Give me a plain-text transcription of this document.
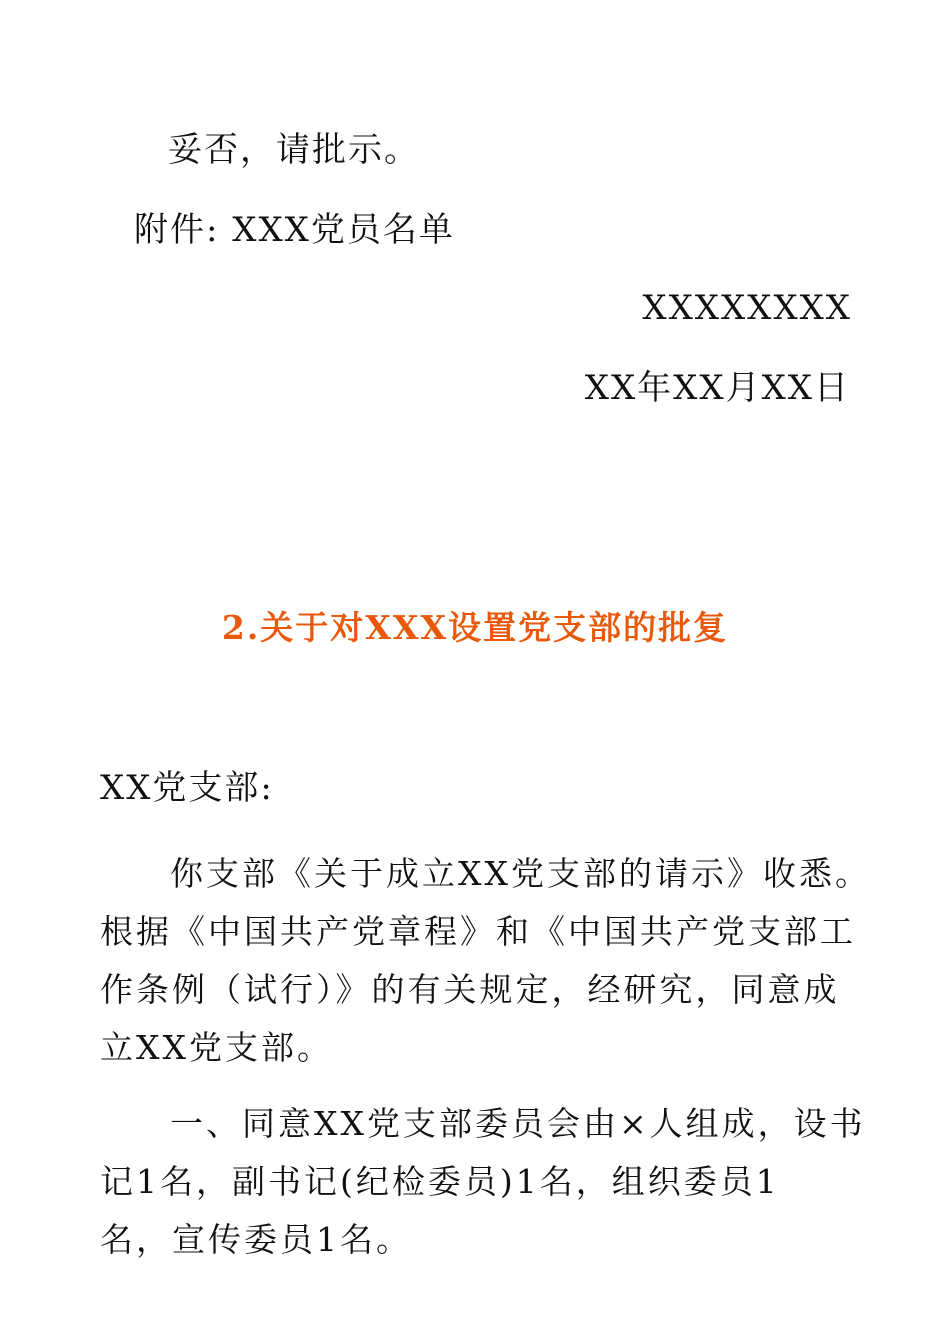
妥否，请批示。
附件: XXX党员名单
XXXXXXXX
XX年XX月XX日
2.关于对XXX设置党支部的批复
XX党支部:
你支部《关于成立XX党支部的请示》收悉。
根据《中国共产党章程》和《中国共产党支部工
作条例（试行）》的有关规定，经研究，同意成
立XX党支部。
一、同意XX党支部委员会由×人组成，设书
记1名，副书记(纪检委员)1名，组织委员1
名，宣传委员1名。
